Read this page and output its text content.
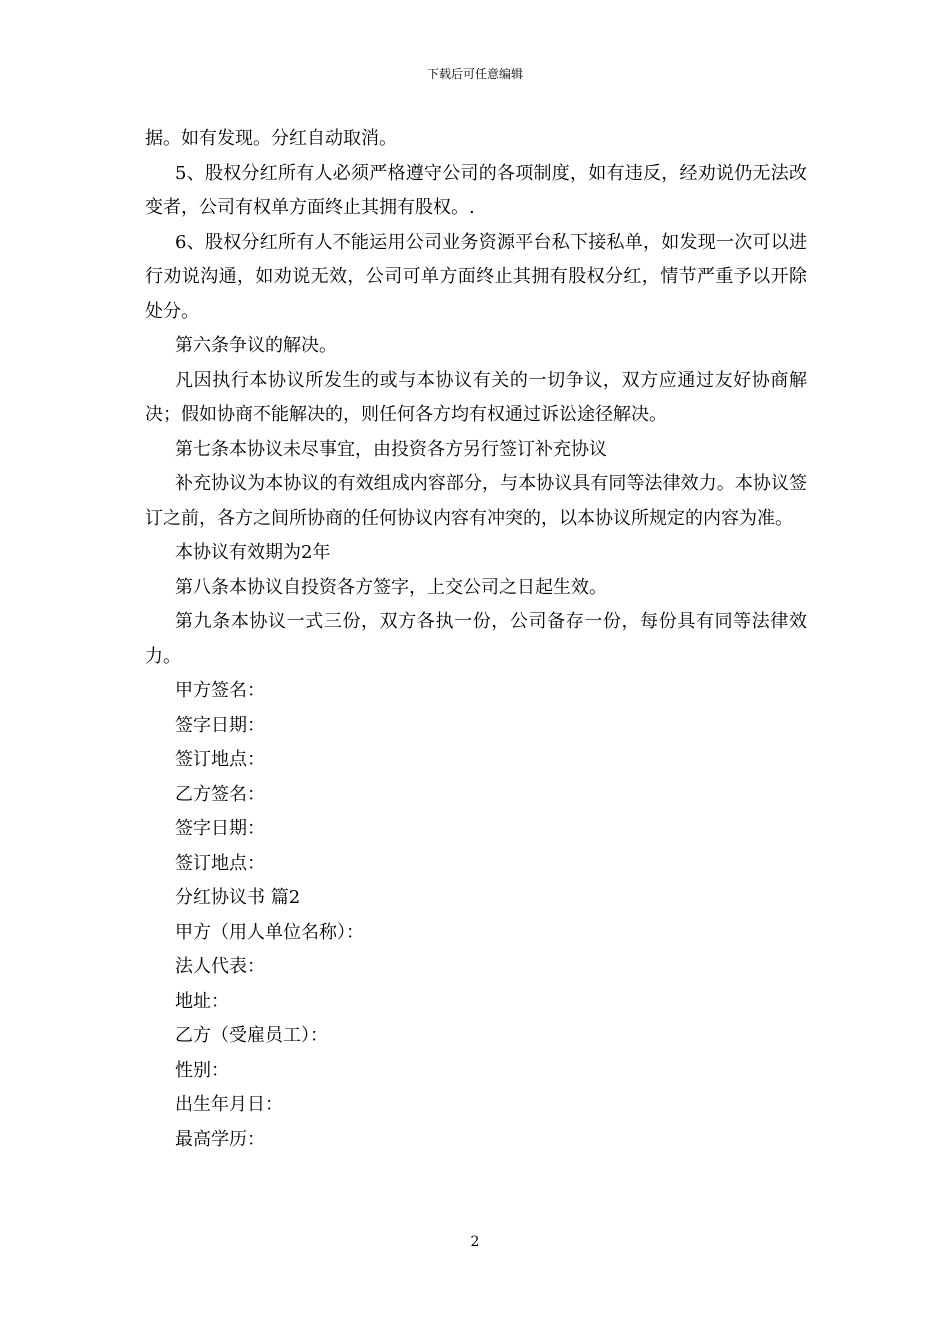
下载后可任意编辑

据。如有发现。分红自动取消。

5、股权分红所有人必须严格遵守公司的各项制度，如有违反，经劝说仍无法改变者，公司有权单方面终止其拥有股权。.

6、股权分红所有人不能运用公司业务资源平台私下接私单，如发现一次可以进行劝说沟通，如劝说无效，公司可单方面终止其拥有股权分红，情节严重予以开除处分。

第六条争议的解决。

凡因执行本协议所发生的或与本协议有关的一切争议，双方应通过友好协商解决；假如协商不能解决的，则任何各方均有权通过诉讼途径解决。

第七条本协议未尽事宜，由投资各方另行签订补充协议

补充协议为本协议的有效组成内容部分，与本协议具有同等法律效力。本协议签订之前，各方之间所协商的任何协议内容有冲突的，以本协议所规定的内容为准。

本协议有效期为2年

第八条本协议自投资各方签字，上交公司之日起生效。

第九条本协议一式三份，双方各执一份，公司备存一份，每份具有同等法律效力。

甲方签名：

签字日期：

签订地点：

乙方签名：

签字日期：

签订地点：

分红协议书 篇2

甲方（用人单位名称）：

法人代表：

地址：

乙方（受雇员工）：

性别：

出生年月日：

最高学历：

2
